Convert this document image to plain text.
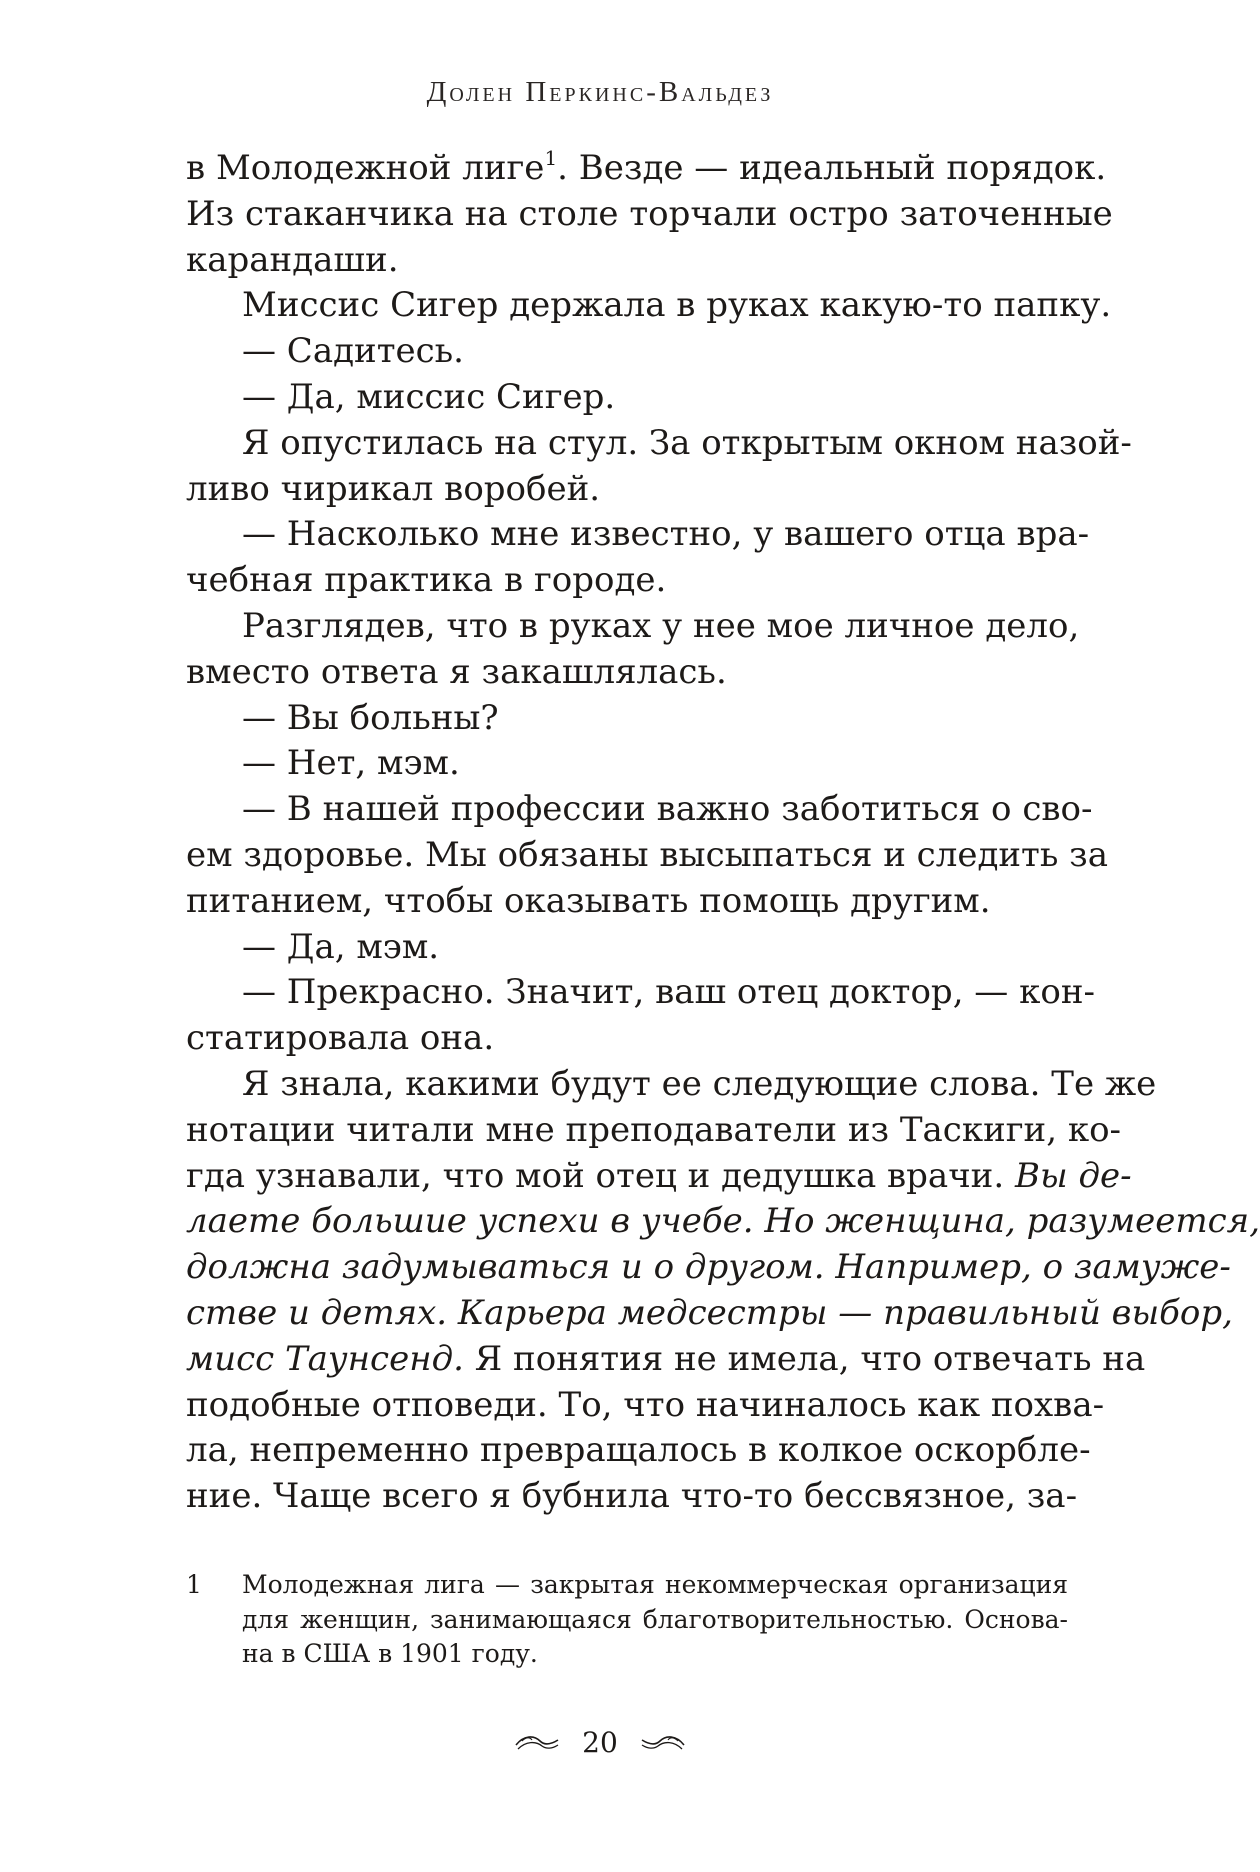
Долен Перкинс-Вальдез
в Молодежной лиге$^1$. Везде — идеальный порядок.
Из стаканчика на столе торчали остро заточенные
карандаши.
Миссис Сигер держала в руках какую-то папку.
— Садитесь.
— Да, миссис Сигер.
Я опустилась на стул. За открытым окном назой-
ливо чирикал воробей.
— Насколько мне известно, у вашего отца вра-
чебная практика в городе.
Разглядев, что в руках у нее мое личное дело,
вместо ответа я закашлялась.
— Вы больны?
— Нет, мэм.
— В нашей профессии важно заботиться о сво-
ем здоровье. Мы обязаны высыпаться и следить за
питанием, чтобы оказывать помощь другим.
— Да, мэм.
— Прекрасно. Значит, ваш отец доктор, — кон-
статировала она.
Я знала, какими будут ее следующие слова. Те же
нотации читали мне преподаватели из Таскиги, ко-
гда узнавали, что мой отец и дедушка врачи. Вы де-
лаете большие успехи в учебе. Но женщина, разумеется,
должна задумываться и о другом. Например, о замуже-
стве и детях. Карьера медсестры — правильный выбор,
мисс Таунсенд. Я понятия не имела, что отвечать на
подобные отповеди. То, что начиналось как похва-
ла, непременно превращалось в колкое оскорбле-
ние. Чаще всего я бубнила что-то бессвязное, за-
1	Молодежная лига — закрытая некоммерческая организация
для женщин, занимающаяся благотворительностью. Основа-
на в США в 1901 году.
20
